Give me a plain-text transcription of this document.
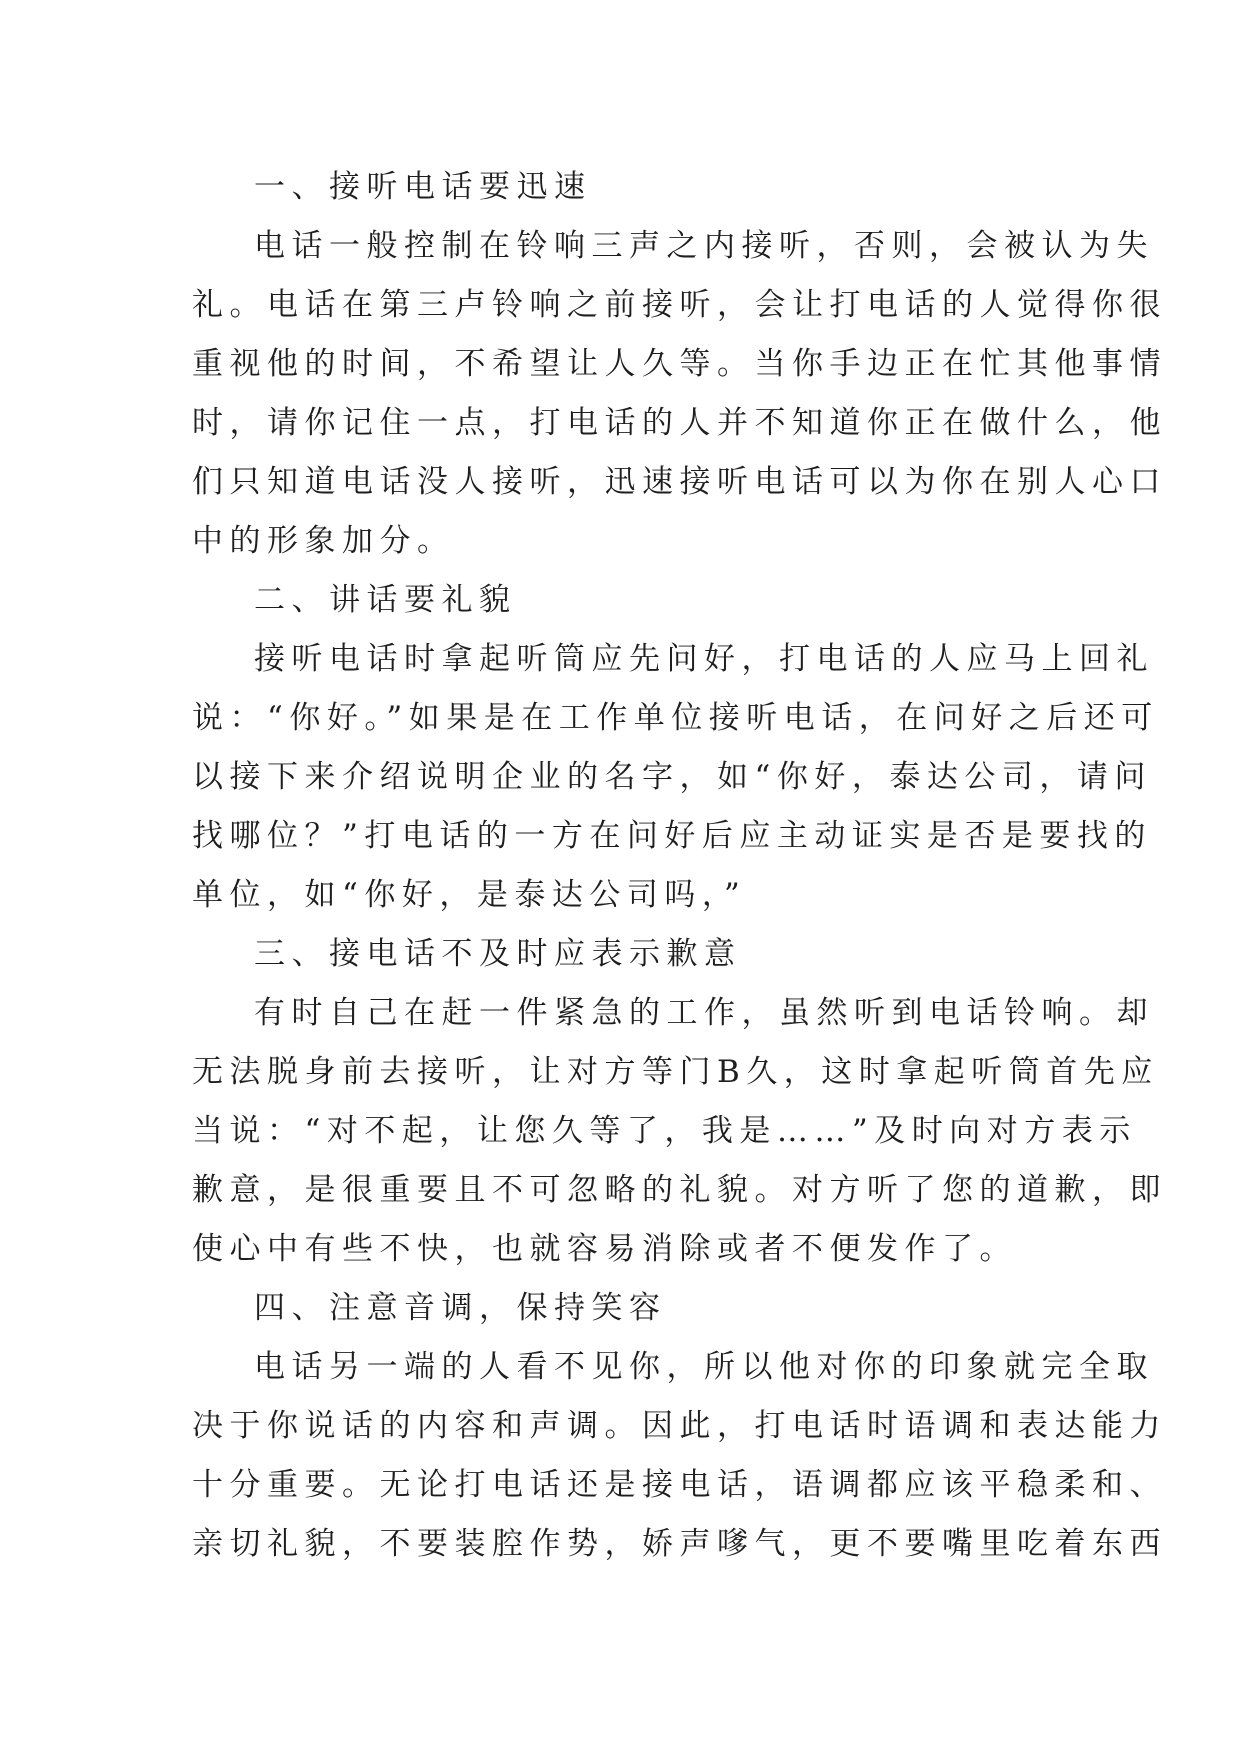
一、接听电话要迅速
电话一般控制在铃响三声之内接听，否则，会被认为失
礼。电话在第三卢铃响之前接听，会让打电话的人觉得你很
重视他的时间，不希望让人久等。当你手边正在忙其他事情
时，请你记住一点，打电话的人并不知道你正在做什么，他
们只知道电话没人接听，迅速接听电话可以为你在别人心口
中的形象加分。
二、讲话要礼貌
接听电话时拿起听筒应先问好，打电话的人应马上回礼
说：“你好。”如果是在工作单位接听电话，在问好之后还可
以接下来介绍说明企业的名字，如“你好，泰达公司，请问
找哪位？”打电话的一方在问好后应主动证实是否是要找的
单位，如“你好，是泰达公司吗，”
三、接电话不及时应表示歉意
有时自己在赶一件紧急的工作，虽然听到电话铃响。却
无法脱身前去接听，让对方等门B久，这时拿起听筒首先应
当说：“对不起，让您久等了，我是……”及时向对方表示
歉意，是很重要且不可忽略的礼貌。对方听了您的道歉，即
使心中有些不快，也就容易消除或者不便发作了。
四、注意音调，保持笑容
电话另一端的人看不见你，所以他对你的印象就完全取
决于你说话的内容和声调。因此，打电话时语调和表达能力
十分重要。无论打电话还是接电话，语调都应该平稳柔和、
亲切礼貌，不要装腔作势，娇声嗲气，更不要嘴里吃着东西
